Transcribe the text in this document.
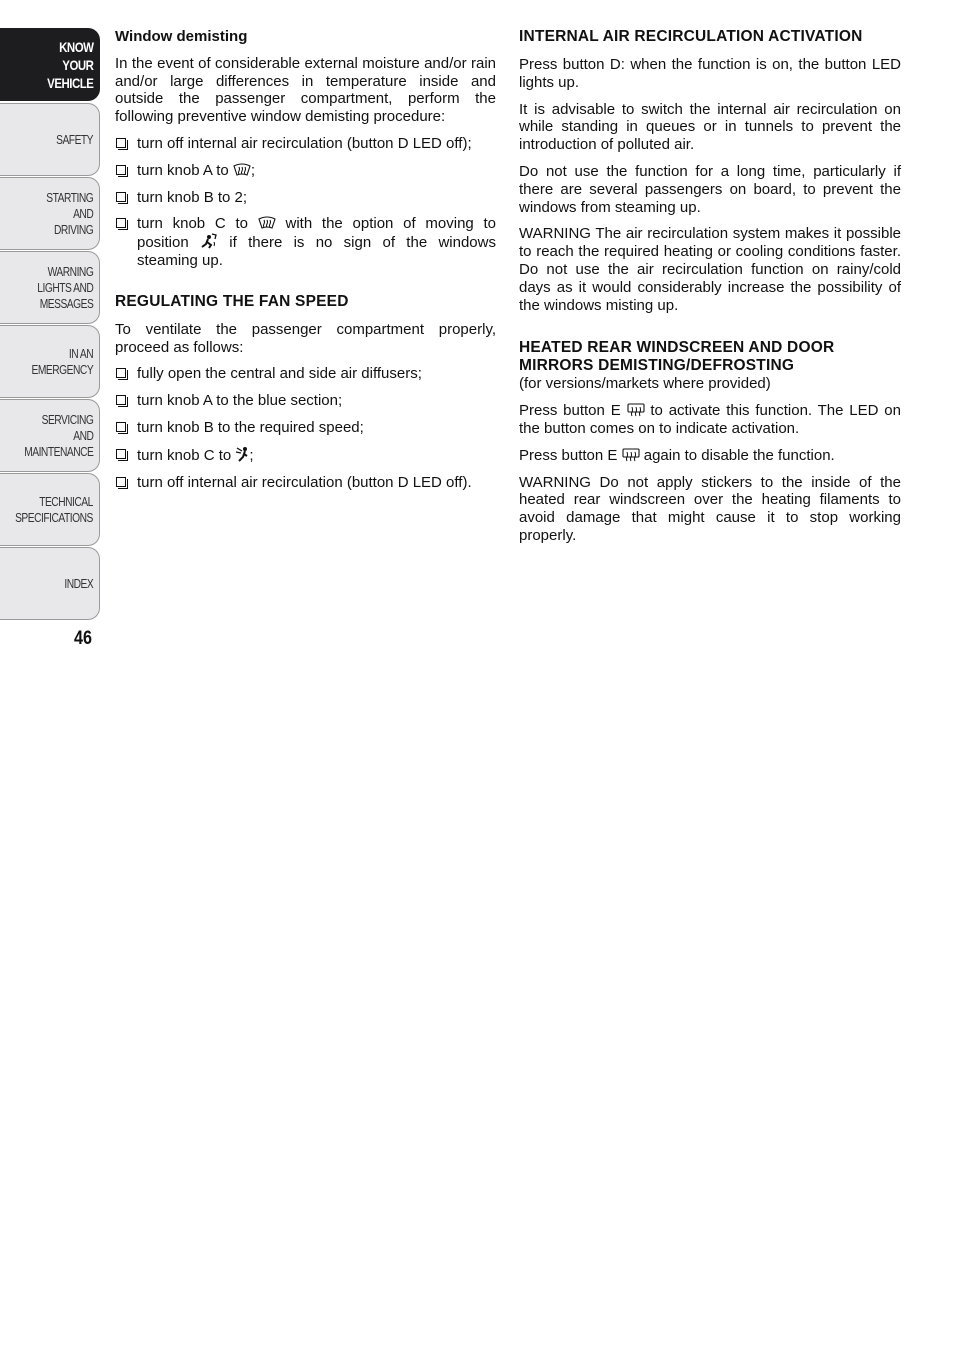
KNOW
YOUR
VEHICLE
SAFETY
STARTING
AND
DRIVING
WARNING
LIGHTS AND
MESSAGES
IN AN
EMERGENCY
SERVICING
AND
MAINTENANCE
TECHNICAL
SPECIFICATIONS
INDEX
46
Window demisting

In the event of considerable external moisture and/or rain and/or large differences in temperature inside and outside the passenger compartment, perform the following preventive window demisting procedure:

turn off internal air recirculation (button D LED off);
turn knob A to ;
turn knob B to 2;
turn knob C to	with the option of moving to position	if there is no sign of the windows steaming up.
REGULATING THE FAN SPEED

To ventilate the passenger compartment properly, proceed as follows:

fully open the central and side air diffusers;
turn knob A to the blue section;
turn knob B to the required speed;
turn knob C to ;
turn off internal air recirculation (button D LED off).
INTERNAL AIR RECIRCULATION ACTIVATION

Press button D: when the function is on, the button LED lights up.

It is advisable to switch the internal air recirculation on while standing in queues or in tunnels to prevent the introduction of polluted air.

Do not use the function for a long time, particularly if there are several passengers on board, to prevent the windows from steaming up.

WARNING The air recirculation system makes it possible to reach the required heating or cooling conditions faster. Do not use the air recirculation function on rainy/cold days as it would considerably increase the possibility of the windows misting up.

HEATED REAR WINDSCREEN AND DOOR MIRRORS DEMISTING/DEFROSTING
(for versions/markets where provided)

Press button E to activate this function. The LED on the button comes on to indicate activation.

Press button E again to disable the function.

WARNING Do not apply stickers to the inside of the heated rear windscreen over the heating filaments to avoid damage that might cause it to stop working properly.
